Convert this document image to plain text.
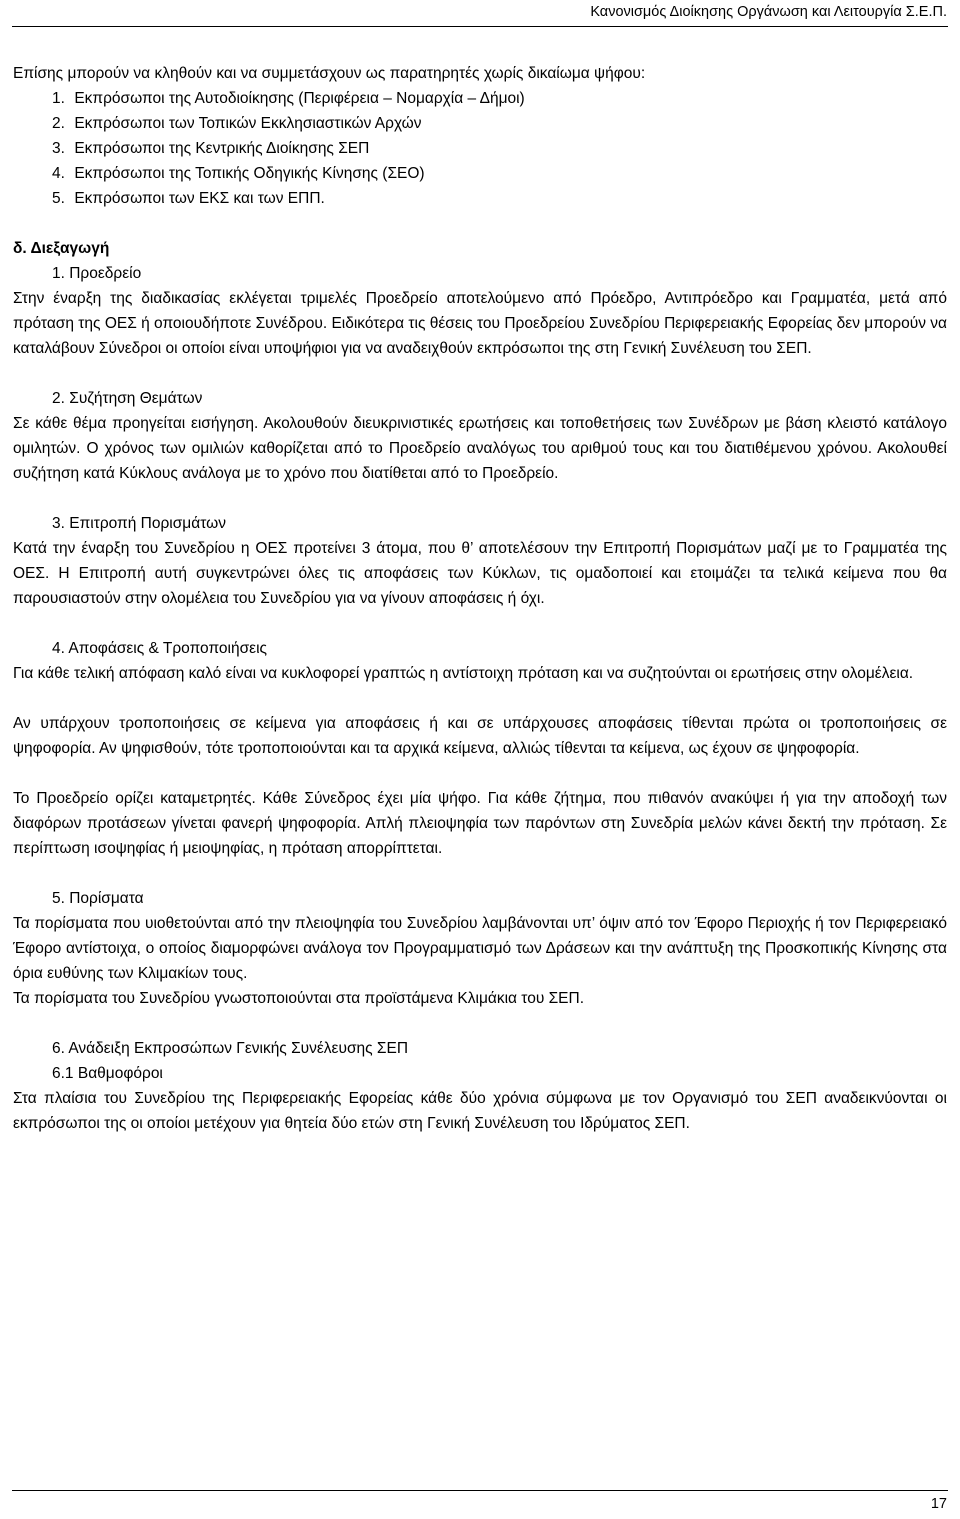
Κανονισμός Διοίκησης Οργάνωση και Λειτουργία Σ.Ε.Π.

Επίσης μπορούν να κληθούν και να συμμετάσχουν ως παρατηρητές χωρίς δικαίωμα ψήφου:

1. Εκπρόσωποι της Αυτοδιοίκησης (Περιφέρεια – Νομαρχία – Δήμοι)
2. Εκπρόσωποι των Τοπικών Εκκλησιαστικών Αρχών
3. Εκπρόσωποι της Κεντρικής Διοίκησης ΣΕΠ
4. Εκπρόσωποι της Τοπικής Οδηγικής Κίνησης (ΣΕΟ)
5. Εκπρόσωποι των ΕΚΣ και των ΕΠΠ.

δ. Διεξαγωγή

1. Προεδρείο

Στην έναρξη της διαδικασίας εκλέγεται τριμελές Προεδρείο αποτελούμενο από Πρόεδρο, Αντιπρόεδρο και Γραμματέα, μετά από πρόταση της ΟΕΣ ή οποιουδήποτε Συνέδρου. Ειδικότερα τις θέσεις του Προεδρείου Συνεδρίου Περιφερειακής Εφορείας δεν μπορούν να καταλάβουν Σύνεδροι οι οποίοι είναι υποψήφιοι για να αναδειχθούν εκπρόσωποι της στη Γενική Συνέλευση του ΣΕΠ.

2. Συζήτηση Θεμάτων

Σε κάθε θέμα προηγείται εισήγηση. Ακολουθούν διευκρινιστικές ερωτήσεις και τοποθετήσεις των Συνέδρων με βάση κλειστό κατάλογο ομιλητών. Ο χρόνος των ομιλιών καθορίζεται από το Προεδρείο αναλόγως του αριθμού τους και του διατιθέμενου χρόνου. Ακολουθεί συζήτηση κατά Κύκλους ανάλογα με το χρόνο που διατίθεται από το Προεδρείο.

3. Επιτροπή Πορισμάτων

Κατά την έναρξη του Συνεδρίου η ΟΕΣ προτείνει 3 άτομα, που θ’ αποτελέσουν την Επιτροπή Πορισμάτων μαζί με το Γραμματέα της ΟΕΣ. Η Επιτροπή αυτή συγκεντρώνει όλες τις αποφάσεις των Κύκλων, τις ομαδοποιεί και ετοιμάζει τα τελικά κείμενα που θα παρουσιαστούν στην ολομέλεια του Συνεδρίου για να γίνουν αποφάσεις ή όχι.

4. Αποφάσεις & Τροποποιήσεις

Για κάθε τελική απόφαση καλό είναι να κυκλοφορεί γραπτώς η αντίστοιχη πρόταση και να συζητούνται οι ερωτήσεις στην ολομέλεια.

Αν υπάρχουν τροποποιήσεις σε κείμενα για αποφάσεις ή και σε υπάρχουσες αποφάσεις τίθενται πρώτα οι τροποποιήσεις σε ψηφοφορία. Αν ψηφισθούν, τότε τροποποιούνται και τα αρχικά κείμενα, αλλιώς τίθενται τα κείμενα, ως έχουν σε ψηφοφορία.

Το Προεδρείο ορίζει καταμετρητές. Κάθε Σύνεδρος έχει μία ψήφο. Για κάθε ζήτημα, που πιθανόν ανακύψει ή για την αποδοχή των διαφόρων προτάσεων γίνεται φανερή ψηφοφορία. Απλή πλειοψηφία των παρόντων στη Συνεδρία μελών κάνει δεκτή την πρόταση. Σε περίπτωση ισοψηφίας ή μειοψηφίας, η πρόταση απορρίπτεται.

5. Πορίσματα

Τα πορίσματα που υιοθετούνται από την πλειοψηφία του Συνεδρίου λαμβάνονται υπ’ όψιν από τον Έφορο Περιοχής ή τον Περιφερειακό Έφορο αντίστοιχα, ο οποίος διαμορφώνει ανάλογα τον Προγραμματισμό των Δράσεων και την ανάπτυξη της Προσκοπικής Κίνησης στα όρια ευθύνης των Κλιμακίων τους.

Τα πορίσματα του Συνεδρίου γνωστοποιούνται στα προϊστάμενα Κλιμάκια του ΣΕΠ.

6. Ανάδειξη Εκπροσώπων Γενικής Συνέλευσης ΣΕΠ

6.1 Βαθμοφόροι

Στα πλαίσια του Συνεδρίου της Περιφερειακής Εφορείας κάθε δύο χρόνια σύμφωνα με τον Οργανισμό του ΣΕΠ αναδεικνύονται οι εκπρόσωποι της οι οποίοι μετέχουν για θητεία δύο ετών στη Γενική Συνέλευση του Ιδρύματος ΣΕΠ.

17
